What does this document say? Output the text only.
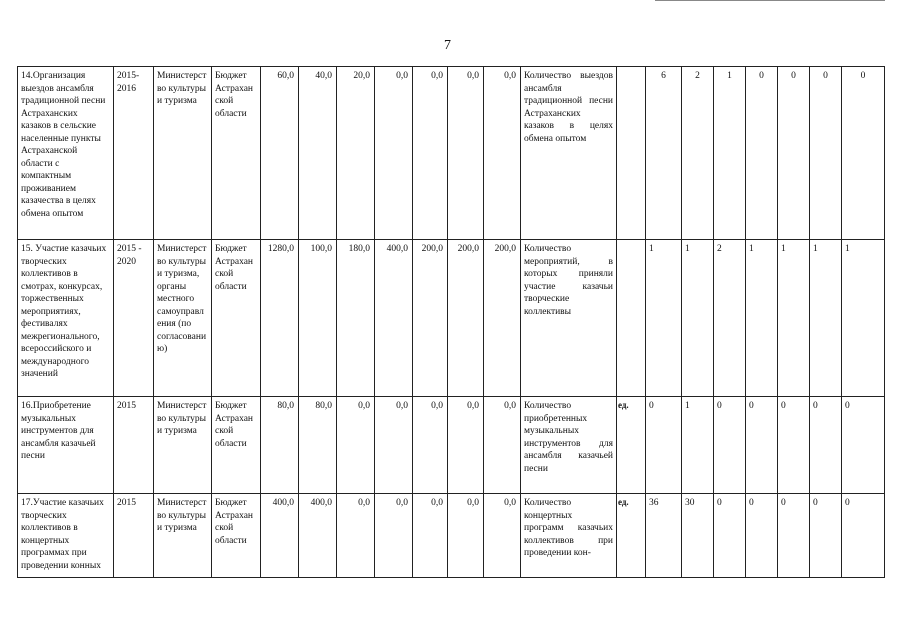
7
14.Организация выездов ансамбля традиционной песни Астраханских казаков в сельские населенные пункты Астраханской области с компактным проживанием казачества в целях обмена опытом	2015-2016	Министерство культуры и туризма	Бюджет Астраханской области	60,0	40,0	20,0	0,0	0,0	0,0	0,0	Количество выездов ансамбля традиционной песни Астраханских казаков в целях обмена опытом		6	2	1	0	0	0	0
15. Участие казачьих творческих коллективов в смотрах, конкурсах, торжественных мероприятиях, фестивалях межрегионального, всероссийского и международного значений	2015 - 2020	Министерство культуры и туризма, органы местного самоуправления (по согласованию)	Бюджет Астраханской области	1280,0	100,0	180,0	400,0	200,0	200,0	200,0	Количество мероприятий, в которых приняли участие казачьи творческие коллективы		1	1	2	1	1	1	1
16.Приобретение музыкальных инструментов для ансамбля казачьей песни	2015	Министерство культуры и туризма	Бюджет Астраханской области	80,0	80,0	0,0	0,0	0,0	0,0	0,0	Количество приобретенных музыкальных инструментов для ансамбля казачьей песни	ед.	0	1	0	0	0	0	0
17.Участие казачьих творческих коллективов в концертных программах при проведении конных	2015	Министерство культуры и туризма	Бюджет Астраханской области	400,0	400,0	0,0	0,0	0,0	0,0	0,0	Количество концертных программ казачьих коллективов при проведении кон-	ед.	36	30	0	0	0	0	0
